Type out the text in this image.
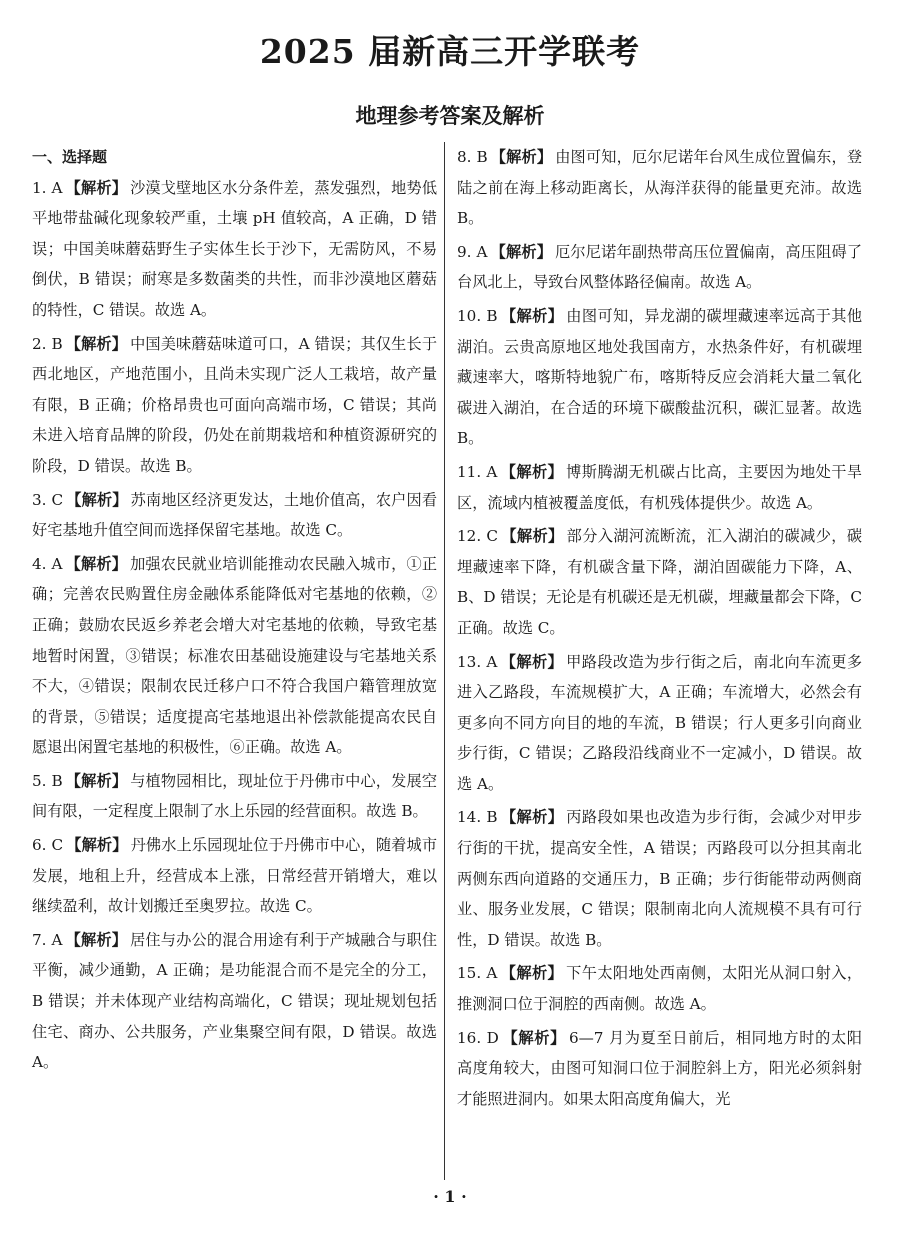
2025 届新高三开学联考
地理参考答案及解析
一、选择题
1. A 【解析】 沙漠戈壁地区水分条件差，蒸发强烈，地势低平地带盐碱化现象较严重，土壤 pH 值较高，A 正确，D 错误；中国美味蘑菇野生子实体生长于沙下，无需防风，不易倒伏，B 错误；耐寒是多数菌类的共性，而非沙漠地区蘑菇的特性，C 错误。故选 A。
2. B 【解析】 中国美味蘑菇味道可口，A 错误；其仅生长于西北地区，产地范围小，且尚未实现广泛人工栽培，故产量有限，B 正确；价格昂贵也可面向高端市场，C 错误；其尚未进入培育品牌的阶段，仍处在前期栽培和种植资源研究的阶段，D 错误。故选 B。
3. C 【解析】 苏南地区经济更发达，土地价值高，农户因看好宅基地升值空间而选择保留宅基地。故选 C。
4. A 【解析】 加强农民就业培训能推动农民融入城市，①正确；完善农民购置住房金融体系能降低对宅基地的依赖，②正确；鼓励农民返乡养老会增大对宅基地的依赖，导致宅基地暂时闲置，③错误；标准农田基础设施建设与宅基地关系不大，④错误；限制农民迁移户口不符合我国户籍管理放宽的背景，⑤错误；适度提高宅基地退出补偿款能提高农民自愿退出闲置宅基地的积极性，⑥正确。故选 A。
5. B 【解析】 与植物园相比，现址位于丹佛市中心，发展空间有限，一定程度上限制了水上乐园的经营面积。故选 B。
6. C 【解析】 丹佛水上乐园现址位于丹佛市中心，随着城市发展，地租上升，经营成本上涨，日常经营开销增大，难以继续盈利，故计划搬迁至奥罗拉。故选 C。
7. A 【解析】 居住与办公的混合用途有利于产城融合与职住平衡，减少通勤，A 正确；是功能混合而不是完全的分工，B 错误；并未体现产业结构高端化，C 错误；现址规划包括住宅、商办、公共服务，产业集聚空间有限，D 错误。故选 A。
8. B 【解析】 由图可知，厄尔尼诺年台风生成位置偏东，登陆之前在海上移动距离长，从海洋获得的能量更充沛。故选 B。
9. A 【解析】 厄尔尼诺年副热带高压位置偏南，高压阻碍了台风北上，导致台风整体路径偏南。故选 A。
10. B 【解析】 由图可知，异龙湖的碳埋藏速率远高于其他湖泊。云贵高原地区地处我国南方，水热条件好，有机碳埋藏速率大，喀斯特地貌广布，喀斯特反应会消耗大量二氧化碳进入湖泊，在合适的环境下碳酸盐沉积，碳汇显著。故选 B。
11. A 【解析】 博斯腾湖无机碳占比高，主要因为地处干旱区，流域内植被覆盖度低，有机残体提供少。故选 A。
12. C 【解析】 部分入湖河流断流，汇入湖泊的碳减少，碳埋藏速率下降，有机碳含量下降，湖泊固碳能力下降，A、B、D 错误；无论是有机碳还是无机碳，埋藏量都会下降，C 正确。故选 C。
13. A 【解析】 甲路段改造为步行街之后，南北向车流更多进入乙路段，车流规模扩大，A 正确；车流增大，必然会有更多向不同方向目的地的车流，B 错误；行人更多引向商业步行街，C 错误；乙路段沿线商业不一定减小，D 错误。故选 A。
14. B 【解析】 丙路段如果也改造为步行街，会减少对甲步行街的干扰，提高安全性，A 错误；丙路段可以分担其南北两侧东西向道路的交通压力，B 正确；步行街能带动两侧商业、服务业发展，C 错误；限制南北向人流规模不具有可行性，D 错误。故选 B。
15. A 【解析】 下午太阳地处西南侧，太阳光从洞口射入，推测洞口位于洞腔的西南侧。故选 A。
16. D 【解析】 6—7 月为夏至日前后，相同地方时的太阳高度角较大，由图可知洞口位于洞腔斜上方，阳光必须斜射才能照进洞内。如果太阳高度角偏大，光
· 1 ·
